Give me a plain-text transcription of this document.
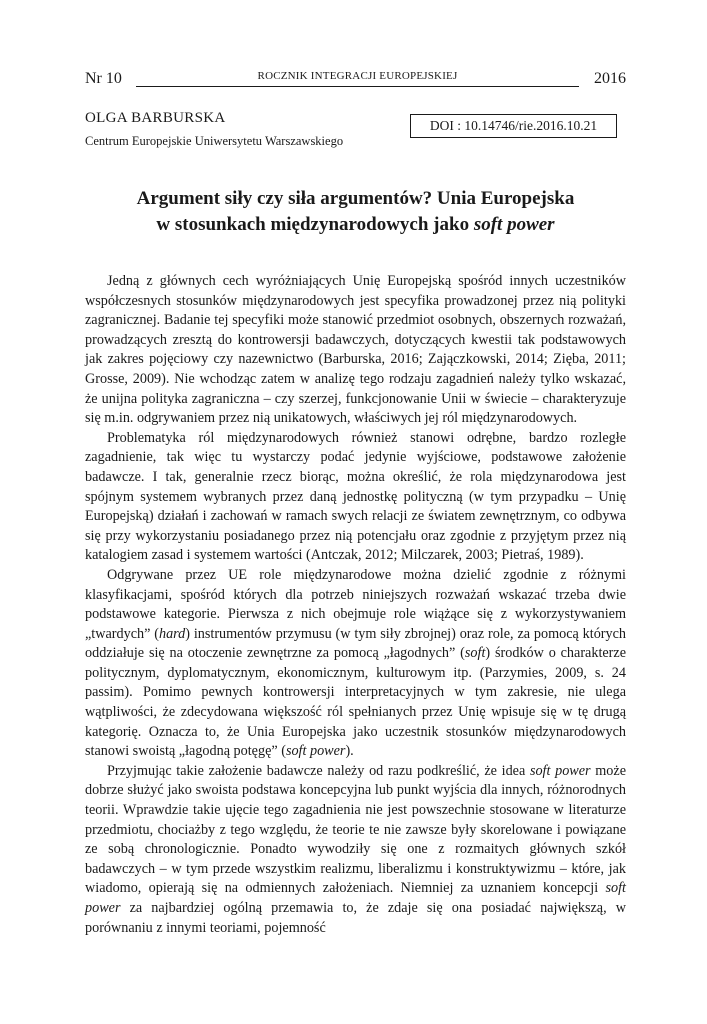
Nr 10	ROCZNIK INTEGRACJI EUROPEJSKIEJ	2016
OLGA BARBURSKA
Centrum Europejskie Uniwersytetu Warszawskiego
DOI : 10.14746/rie.2016.10.21
Argument siły czy siła argumentów? Unia Europejska
w stosunkach międzynarodowych jako soft power

Jedną z głównych cech wyróżniających Unię Europejską spośród innych uczestników współczesnych stosunków międzynarodowych jest specyfika prowadzonej przez nią polityki zagranicznej. Badanie tej specyfiki może stanowić przedmiot osobnych, obszernych rozważań, prowadzących zresztą do kontrowersji badawczych, dotyczących kwestii tak podstawowych jak zakres pojęciowy czy nazewnictwo (Barburska, 2016; Zajączkowski, 2014; Zięba, 2011; Grosse, 2009). Nie wchodząc zatem w analizę tego rodzaju zagadnień należy tylko wskazać, że unijna polityka zagraniczna – czy szerzej, funkcjonowanie Unii w świecie – charakteryzuje się m.in. odgrywaniem przez nią unikatowych, właściwych jej ról międzynarodowych.

Problematyka ról międzynarodowych również stanowi odrębne, bardzo rozległe zagadnienie, tak więc tu wystarczy podać jedynie wyjściowe, podstawowe założenie badawcze. I tak, generalnie rzecz biorąc, można określić, że rola międzynarodowa jest spójnym systemem wybranych przez daną jednostkę polityczną (w tym przypadku – Unię Europejską) działań i zachowań w ramach swych relacji ze światem zewnętrznym, co odbywa się przy wykorzystaniu posiadanego przez nią potencjału oraz zgodnie z przyjętym przez nią katalogiem zasad i systemem wartości (Antczak, 2012; Milczarek, 2003; Pietraś, 1989).

Odgrywane przez UE role międzynarodowe można dzielić zgodnie z różnymi klasyfikacjami, spośród których dla potrzeb niniejszych rozważań wskazać trzeba dwie podstawowe kategorie. Pierwsza z nich obejmuje role wiążące się z wykorzystywaniem „twardych” (hard) instrumentów przymusu (w tym siły zbrojnej) oraz role, za pomocą których oddziałuje się na otoczenie zewnętrzne za pomocą „łagodnych” (soft) środków o charakterze politycznym, dyplomatycznym, ekonomicznym, kulturowym itp. (Parzymies, 2009, s. 24 passim). Pomimo pewnych kontrowersji interpretacyjnych w tym zakresie, nie ulega wątpliwości, że zdecydowana większość ról spełnianych przez Unię wpisuje się w tę drugą kategorię. Oznacza to, że Unia Europejska jako uczestnik stosunków międzynarodowych stanowi swoistą „łagodną potęgę” (soft power).

Przyjmując takie założenie badawcze należy od razu podkreślić, że idea soft power może dobrze służyć jako swoista podstawa koncepcyjna lub punkt wyjścia dla innych, różnorodnych teorii. Wprawdzie takie ujęcie tego zagadnienia nie jest powszechnie stosowane w literaturze przedmiotu, chociażby z tego względu, że teorie te nie zawsze były skorelowane i powiązane ze sobą chronologicznie. Ponadto wywodziły się one z rozmaitych głównych szkół badawczych – w tym przede wszystkim realizmu, liberalizmu i konstruktywizmu – które, jak wiadomo, opierają się na odmiennych założeniach. Niemniej za uznaniem koncepcji soft power za najbardziej ogólną przemawia to, że zdaje się ona posiadać największą, w porównaniu z innymi teoriami, pojemność
